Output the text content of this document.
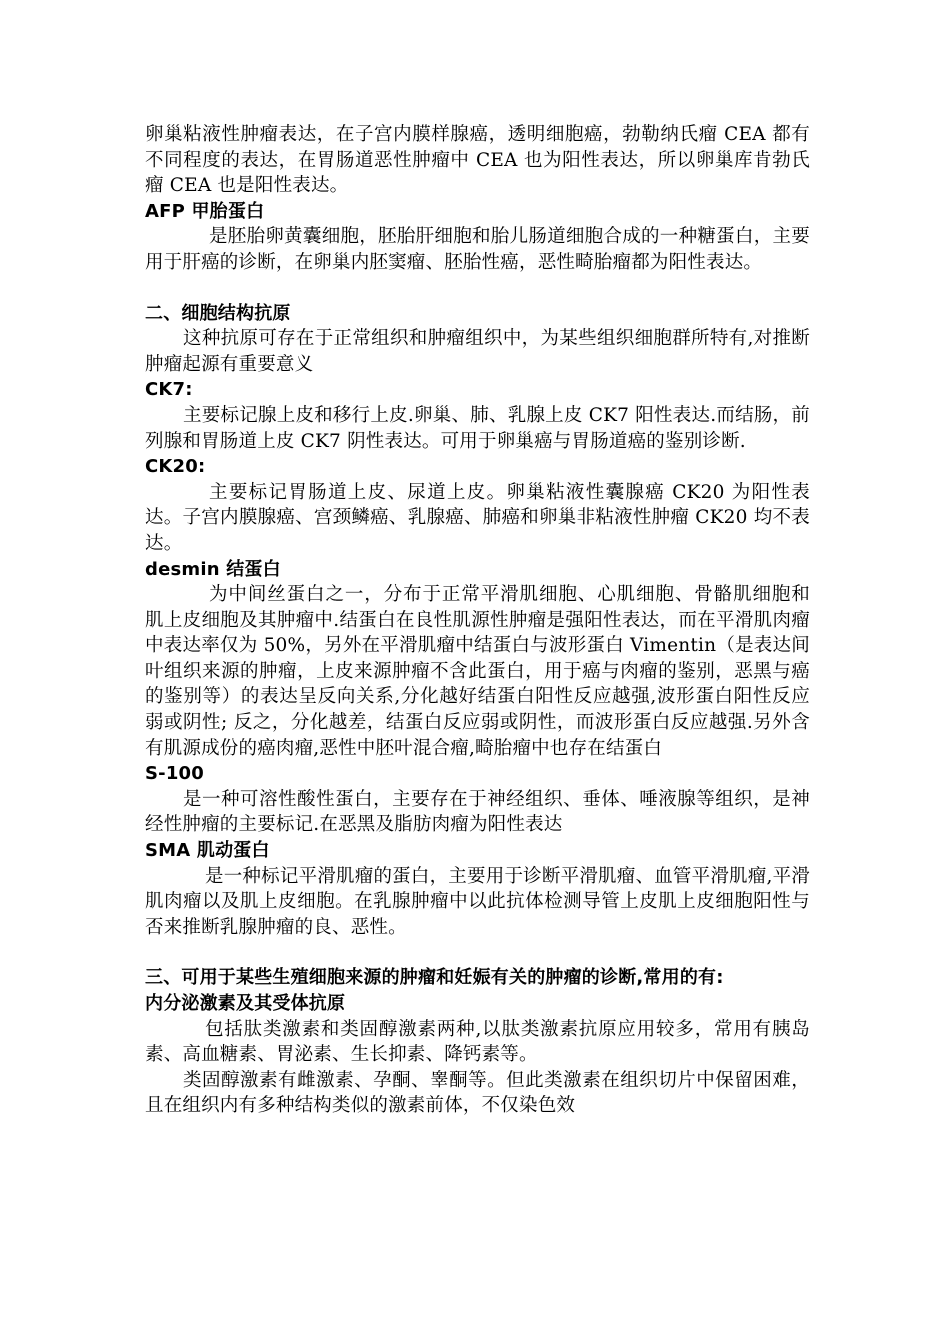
卵巢粘液性肿瘤表达，在子宫内膜样腺癌，透明细胞癌，勃勒纳氏瘤 CEA 都有不同程度的表达，在胃肠道恶性肿瘤中 CEA 也为阳性表达，所以卵巢库肯勃氏瘤 CEA 也是阳性表达。

AFP 甲胎蛋白

是胚胎卵黄囊细胞，胚胎肝细胞和胎儿肠道细胞合成的一种糖蛋白，主要用于肝癌的诊断，在卵巢内胚窦瘤、胚胎性癌，恶性畸胎瘤都为阳性表达。

二、细胞结构抗原

这种抗原可存在于正常组织和肿瘤组织中，为某些组织细胞群所特有,对推断肿瘤起源有重要意义

CK7:

主要标记腺上皮和移行上皮.卵巢、肺、乳腺上皮 CK7 阳性表达.而结肠，前列腺和胃肠道上皮 CK7 阴性表达。可用于卵巢癌与胃肠道癌的鉴别诊断.

CK20:

主要标记胃肠道上皮、尿道上皮。卵巢粘液性囊腺癌 CK20 为阳性表达。子宫内膜腺癌、宫颈鳞癌、乳腺癌、肺癌和卵巢非粘液性肿瘤 CK20 均不表达。

desmin 结蛋白

为中间丝蛋白之一，分布于正常平滑肌细胞、心肌细胞、骨骼肌细胞和 肌上皮细胞及其肿瘤中.结蛋白在良性肌源性肿瘤是强阳性表达，而在平滑肌肉瘤中表达率仅为 50%，另外在平滑肌瘤中结蛋白与波形蛋白 Vimentin（是表达间叶组织来源的肿瘤，上皮来源肿瘤不含此蛋白，用于癌与肉瘤的鉴别，恶黑与癌的鉴别等）的表达呈反向关系,分化越好结蛋白阳性反应越强,波形蛋白阳性反应弱或阴性; 反之，分化越差，结蛋白反应弱或阴性，而波形蛋白反应越强.另外含有肌源成份的癌肉瘤,恶性中胚叶混合瘤,畸胎瘤中也存在结蛋白

S-100

是一种可溶性酸性蛋白，主要存在于神经组织、垂体、唾液腺等组织，是神经性肿瘤的主要标记.在恶黑及脂肪肉瘤为阳性表达

SMA 肌动蛋白

是一种标记平滑肌瘤的蛋白，主要用于诊断平滑肌瘤、血管平滑肌瘤,平滑肌肉瘤以及肌上皮细胞。在乳腺肿瘤中以此抗体检测导管上皮肌上皮细胞阳性与否来推断乳腺肿瘤的良、恶性。

三、可用于某些生殖细胞来源的肿瘤和妊娠有关的肿瘤的诊断,常用的有:

内分泌激素及其受体抗原

包括肽类激素和类固醇激素两种,以肽类激素抗原应用较多，常用有胰岛素、高血糖素、胃泌素、生长抑素、降钙素等。

类固醇激素有雌激素、孕酮、睾酮等。但此类激素在组织切片中保留困难，且在组织内有多种结构类似的激素前体，不仅染色效
